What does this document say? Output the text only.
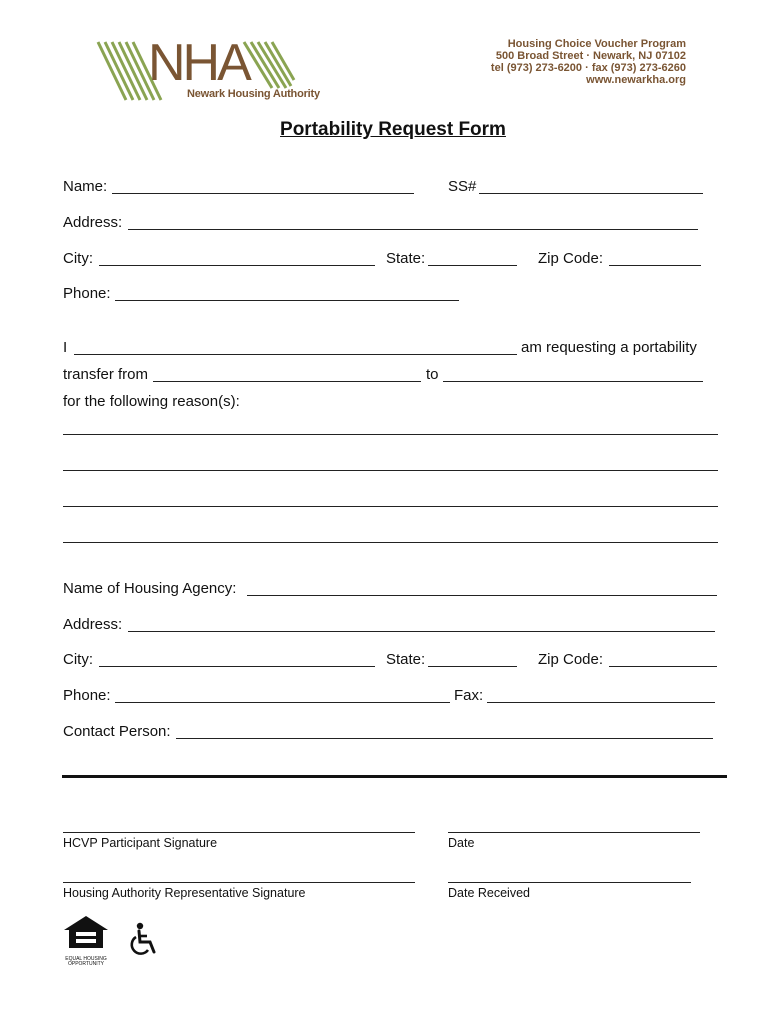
NHA
Newark Housing Authority
Housing Choice Voucher Program
500 Broad Street · Newark, NJ 07102
tel (973) 273-6200 · fax (973) 273-6260
www.newarkha.org
Portability Request Form
Name:	SS#
Address:
City:	State:	Zip Code:
Phone:
I	am requesting a portability
transfer from	to
for the following reason(s):
Name of Housing Agency:
Address:
City:	State:	Zip Code:
Phone:	Fax:
Contact Person:
HCVP Participant Signature	Date
Housing Authority Representative Signature	Date Received
EQUAL HOUSING OPPORTUNITY
